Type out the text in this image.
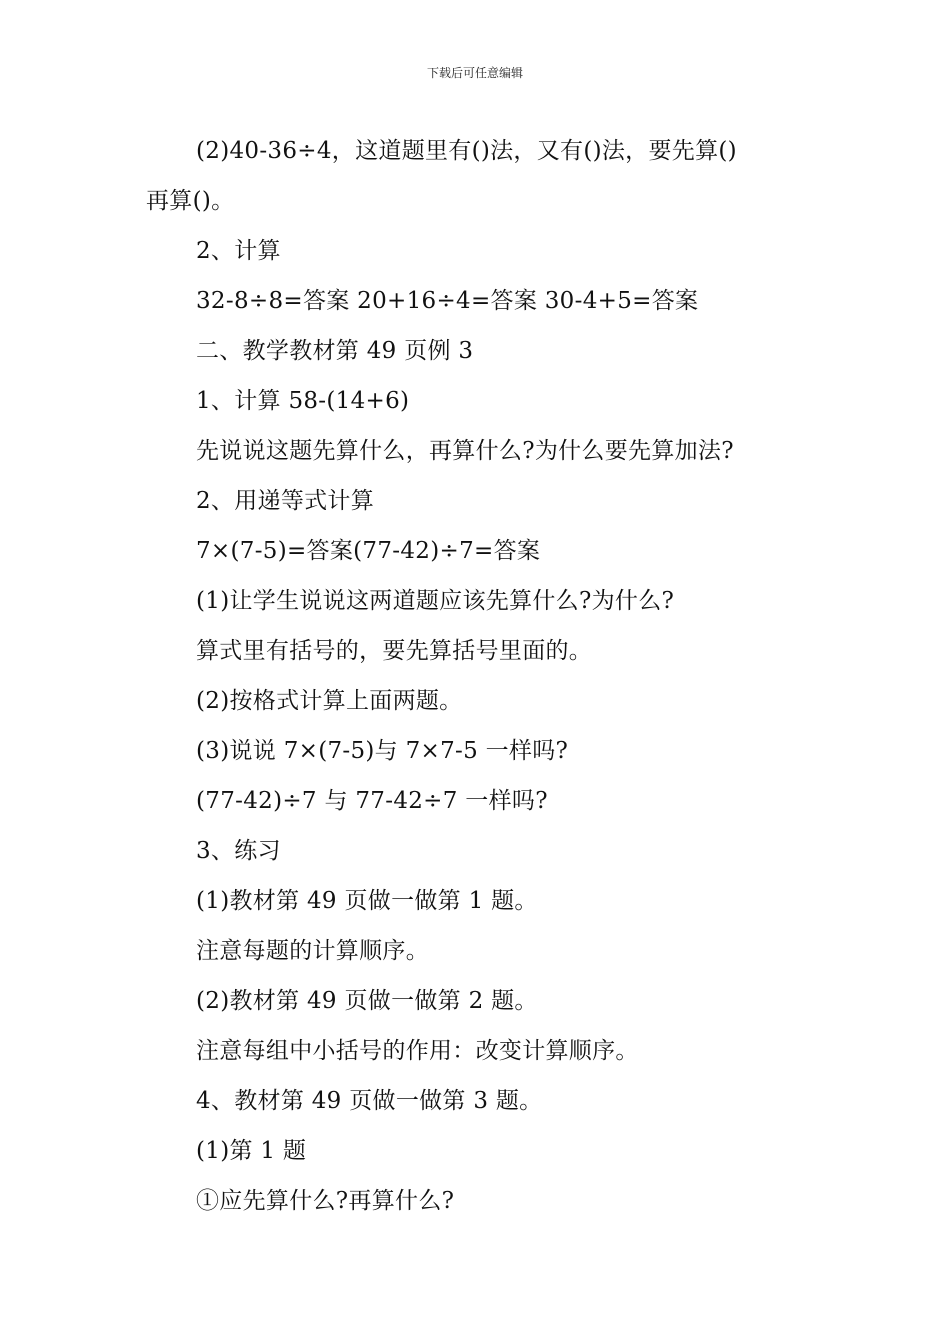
下载后可任意编辑
(2)40-36÷4，这道题里有()法，又有()法，要先算()
再算()。
2、计算
32-8÷8=答案 20+16÷4=答案 30-4+5=答案
二、教学教材第 49 页例 3
1、计算 58-(14+6)
先说说这题先算什么，再算什么?为什么要先算加法?
2、用递等式计算
7×(7-5)=答案(77-42)÷7=答案
(1)让学生说说这两道题应该先算什么?为什么?
算式里有括号的，要先算括号里面的。
(2)按格式计算上面两题。
(3)说说 7×(7-5)与 7×7-5 一样吗?
(77-42)÷7 与 77-42÷7 一样吗?
3、练习
(1)教材第 49 页做一做第 1 题。
注意每题的计算顺序。
(2)教材第 49 页做一做第 2 题。
注意每组中小括号的作用：改变计算顺序。
4、教材第 49 页做一做第 3 题。
(1)第 1 题
①应先算什么?再算什么?
